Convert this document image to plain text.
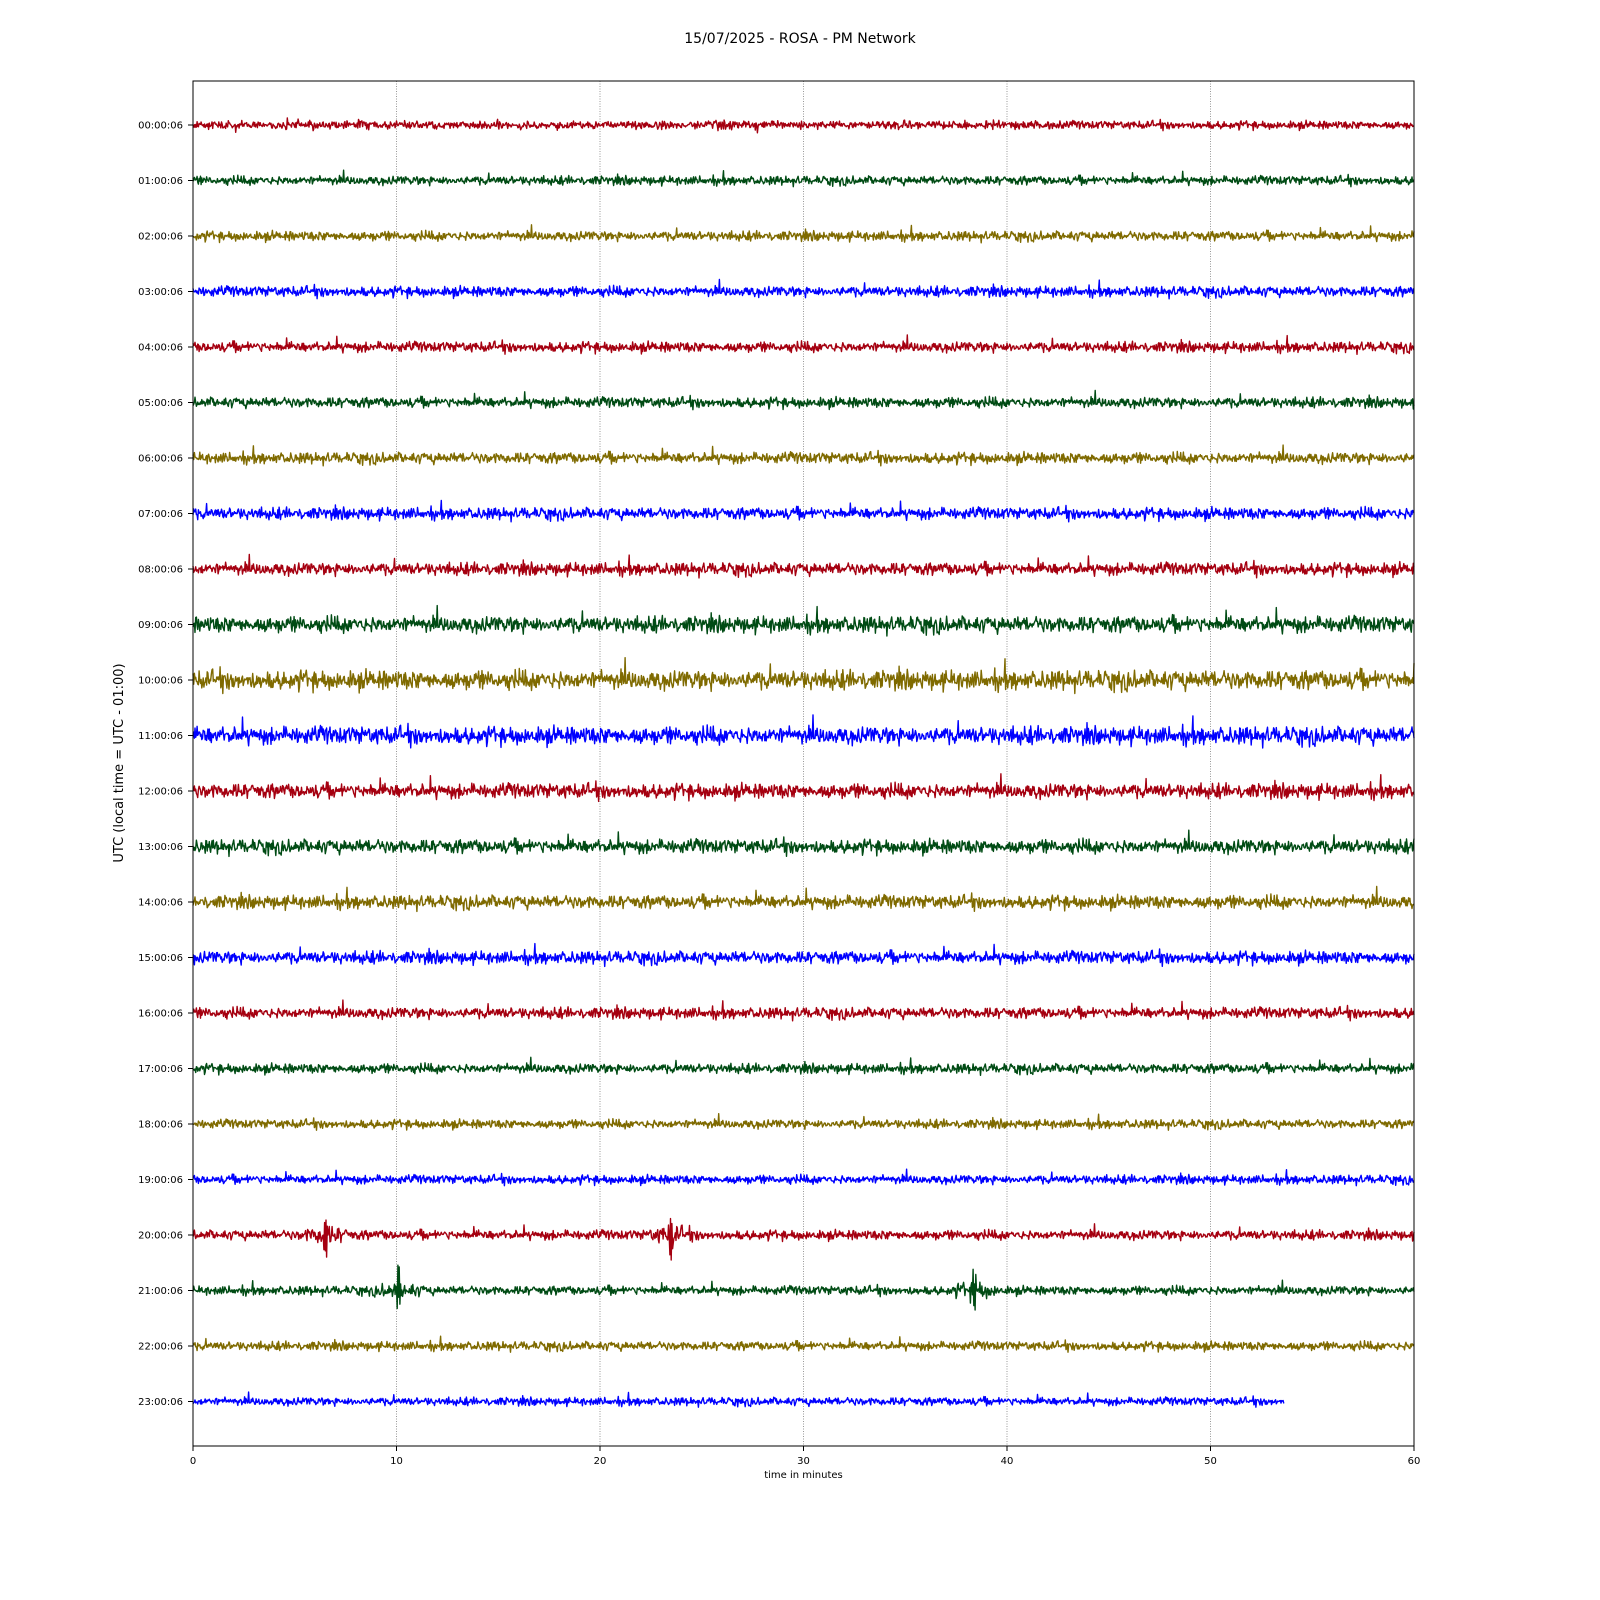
15/07/2025 - ROSA - PM Network
00:00:06
01:00:06
02:00:06
03:00:06
04:00:06
05:00:06
06:00:06
07:00:06
08:00:06
09:00:06
10:00:06
11:00:06
12:00:06
13:00:06
14:00:06
15:00:06
16:00:06
17:00:06
18:00:06
19:00:06
20:00:06
21:00:06
22:00:06
23:00:06
0	10	20	30	40	50	60
time in minutes
UTC (local time = UTC - 01:00)
